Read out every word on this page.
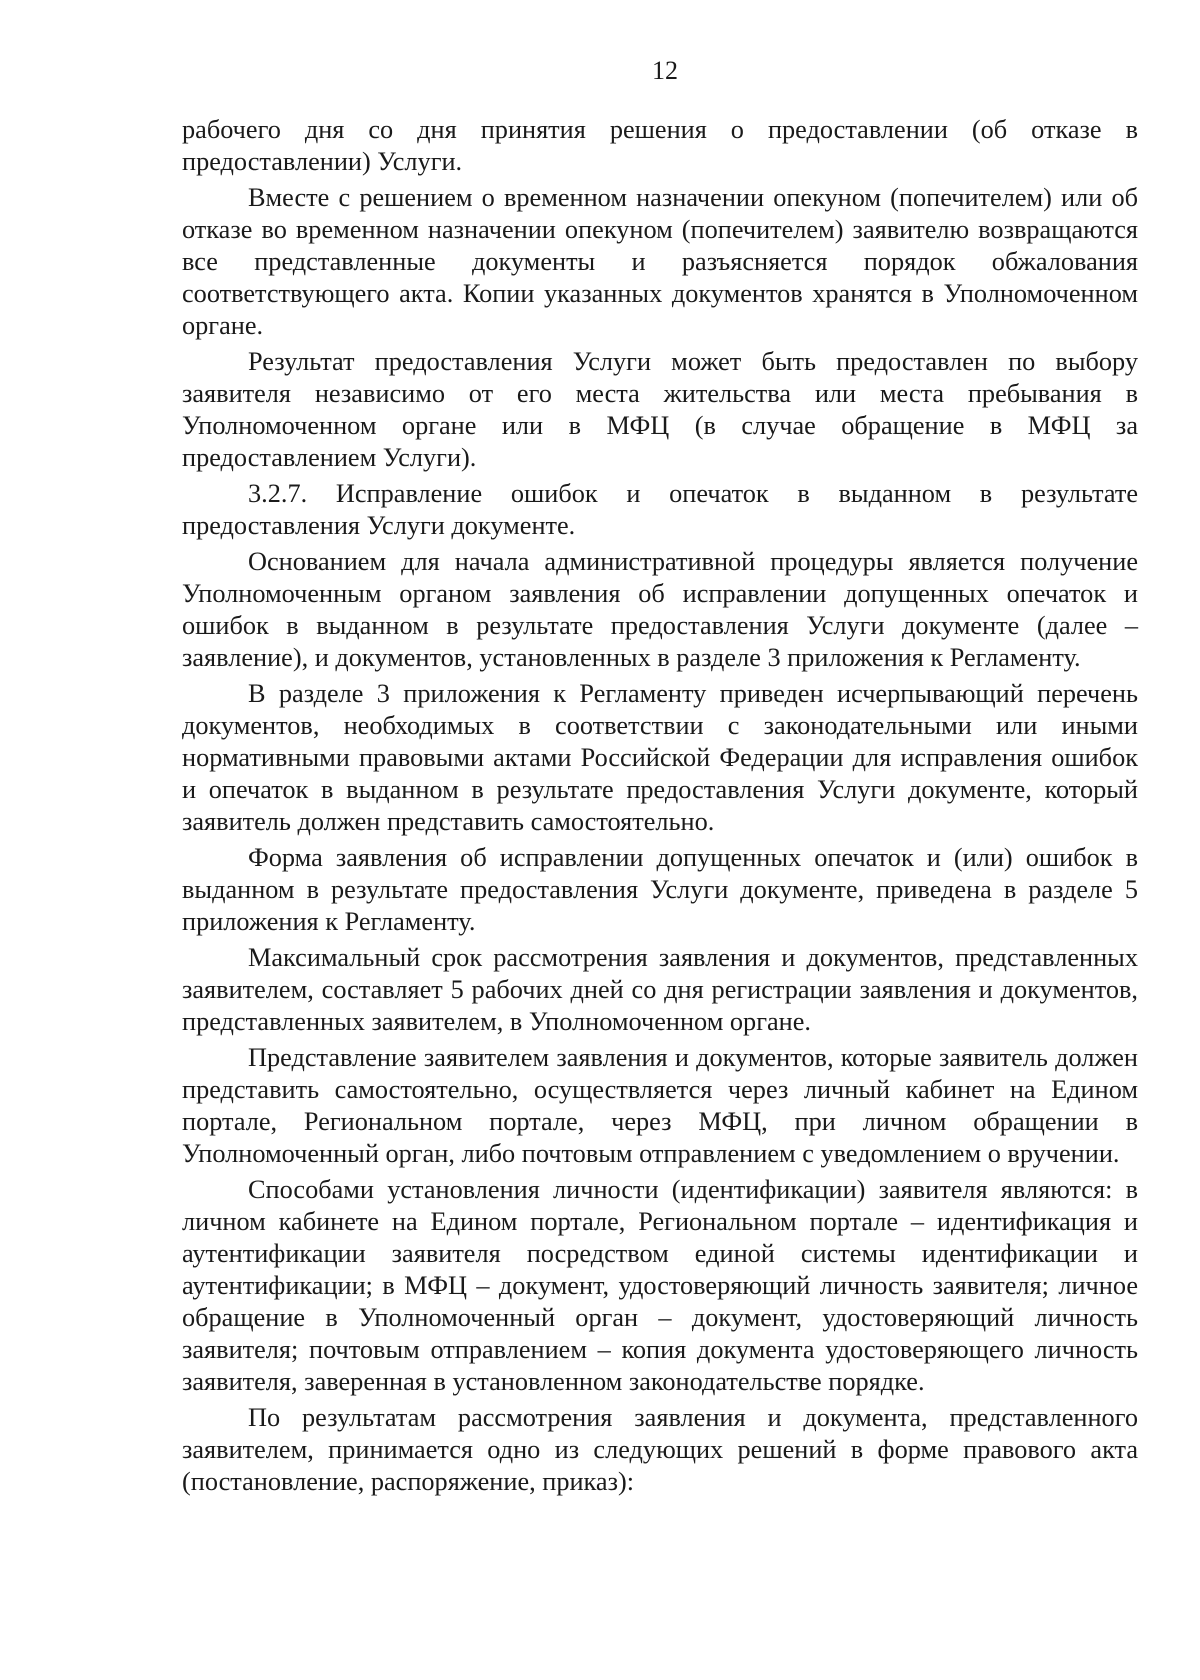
12

рабочего дня со дня принятия решения о предоставлении (об отказе в предоставлении) Услуги.

Вместе с решением о временном назначении опекуном (попечителем) или об отказе во временном назначении опекуном (попечителем) заявителю возвращаются все представленные документы и разъясняется порядок обжалования соответствующего акта. Копии указанных документов хранятся в Уполномоченном органе.

Результат предоставления Услуги может быть предоставлен по выбору заявителя независимо от его места жительства или места пребывания в Уполномоченном органе или в МФЦ (в случае обращение в МФЦ за предоставлением Услуги).

3.2.7. Исправление ошибок и опечаток в выданном в результате предоставления Услуги документе.

Основанием для начала административной процедуры является получение Уполномоченным органом заявления об исправлении допущенных опечаток и ошибок в выданном в результате предоставления Услуги документе (далее – заявление), и документов, установленных в разделе 3 приложения к Регламенту.

В разделе 3 приложения к Регламенту приведен исчерпывающий перечень документов, необходимых в соответствии с законодательными или иными нормативными правовыми актами Российской Федерации для исправления ошибок и опечаток в выданном в результате предоставления Услуги документе, который заявитель должен представить самостоятельно.

Форма заявления об исправлении допущенных опечаток и (или) ошибок в выданном в результате предоставления Услуги документе, приведена в разделе 5 приложения к Регламенту.

Максимальный срок рассмотрения заявления и документов, представленных заявителем, составляет 5 рабочих дней со дня регистрации заявления и документов, представленных заявителем, в Уполномоченном органе.

Представление заявителем заявления и документов, которые заявитель должен представить самостоятельно, осуществляется через личный кабинет на Едином портале, Региональном портале, через МФЦ, при личном обращении в Уполномоченный орган, либо почтовым отправлением с уведомлением о вручении.

Способами установления личности (идентификации) заявителя являются: в личном кабинете на Едином портале, Региональном портале – идентификация и аутентификации заявителя посредством единой системы идентификации и аутентификации; в МФЦ – документ, удостоверяющий личность заявителя; личное обращение в Уполномоченный орган – документ, удостоверяющий личность заявителя; почтовым отправлением – копия документа удостоверяющего личность заявителя, заверенная в установленном законодательстве порядке.

По результатам рассмотрения заявления и документа, представленного заявителем, принимается одно из следующих решений в форме правового акта (постановление, распоряжение, приказ):
